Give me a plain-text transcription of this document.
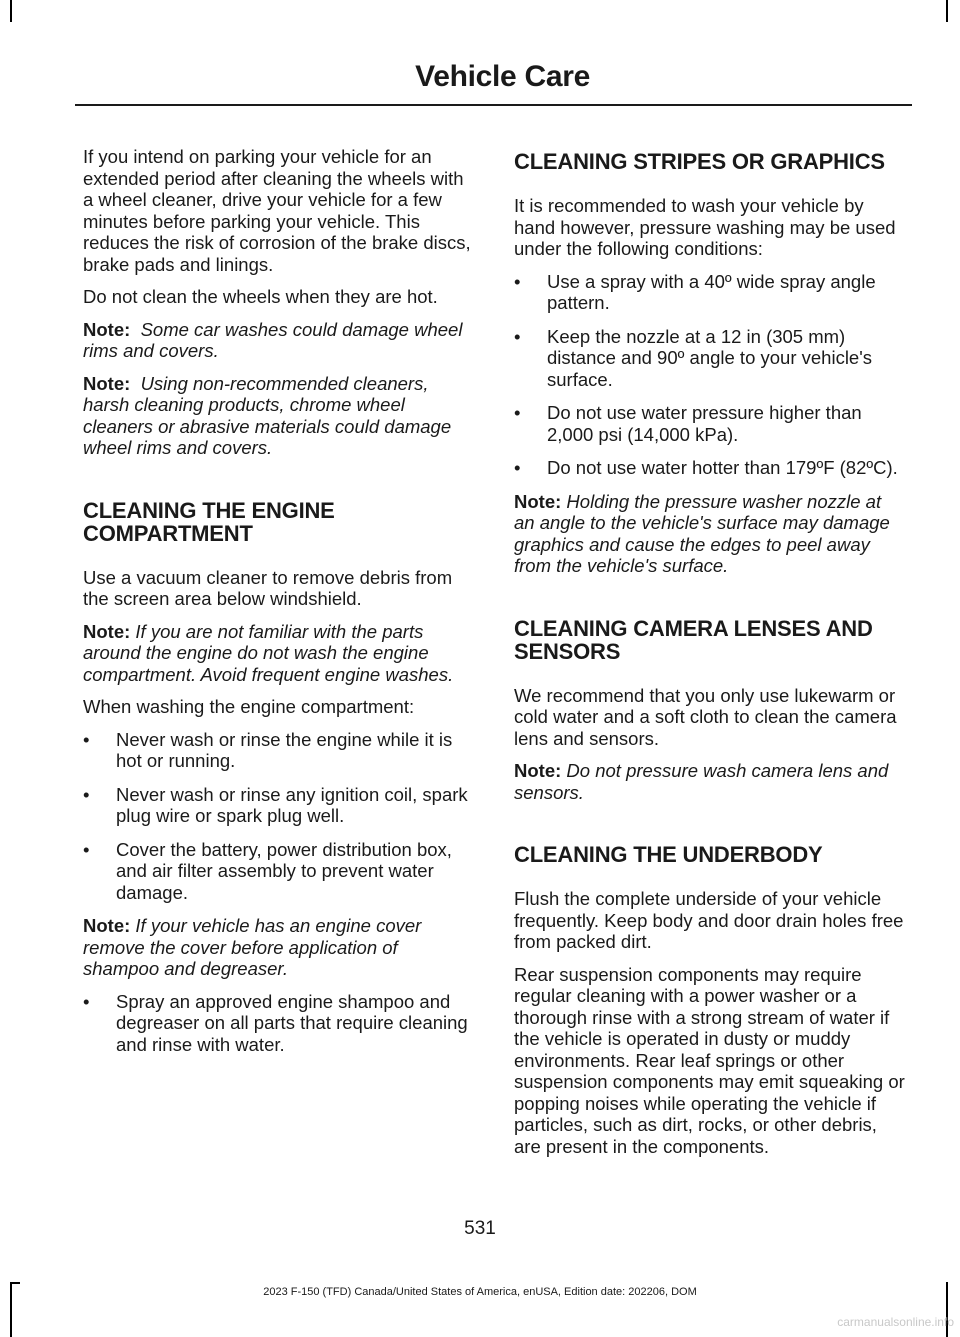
Vehicle Care

If you intend on parking your vehicle for an extended period after cleaning the wheels with a wheel cleaner, drive your vehicle for a few minutes before parking your vehicle. This reduces the risk of corrosion of the brake discs, brake pads and linings.

Do not clean the wheels when they are hot.

Note: Some car washes could damage wheel rims and covers.

Note: Using non-recommended cleaners, harsh cleaning products, chrome wheel cleaners or abrasive materials could damage wheel rims and covers.

CLEANING THE ENGINE COMPARTMENT

Use a vacuum cleaner to remove debris from the screen area below windshield.

Note: If you are not familiar with the parts around the engine do not wash the engine compartment. Avoid frequent engine washes.

When washing the engine compartment:

• Never wash or rinse the engine while it is hot or running.
• Never wash or rinse any ignition coil, spark plug wire or spark plug well.
• Cover the battery, power distribution box, and air filter assembly to prevent water damage.

Note: If your vehicle has an engine cover remove the cover before application of shampoo and degreaser.

• Spray an approved engine shampoo and degreaser on all parts that require cleaning and rinse with water.
CLEANING STRIPES OR GRAPHICS

It is recommended to wash your vehicle by hand however, pressure washing may be used under the following conditions:

• Use a spray with a 40º wide spray angle pattern.
• Keep the nozzle at a 12 in (305 mm) distance and 90º angle to your vehicle's surface.
• Do not use water pressure higher than 2,000 psi (14,000 kPa).
• Do not use water hotter than 179ºF (82ºC).

Note: Holding the pressure washer nozzle at an angle to the vehicle's surface may damage graphics and cause the edges to peel away from the vehicle's surface.

CLEANING CAMERA LENSES AND SENSORS

We recommend that you only use lukewarm or cold water and a soft cloth to clean the camera lens and sensors.

Note: Do not pressure wash camera lens and sensors.

CLEANING THE UNDERBODY

Flush the complete underside of your vehicle frequently. Keep body and door drain holes free from packed dirt.

Rear suspension components may require regular cleaning with a power washer or a thorough rinse with a strong stream of water if the vehicle is operated in dusty or muddy environments. Rear leaf springs or other suspension components may emit squeaking or popping noises while operating the vehicle if particles, such as dirt, rocks, or other debris, are present in the components.

531
2023 F-150 (TFD) Canada/United States of America, enUSA, Edition date: 202206, DOM
carmanualsonline.info
